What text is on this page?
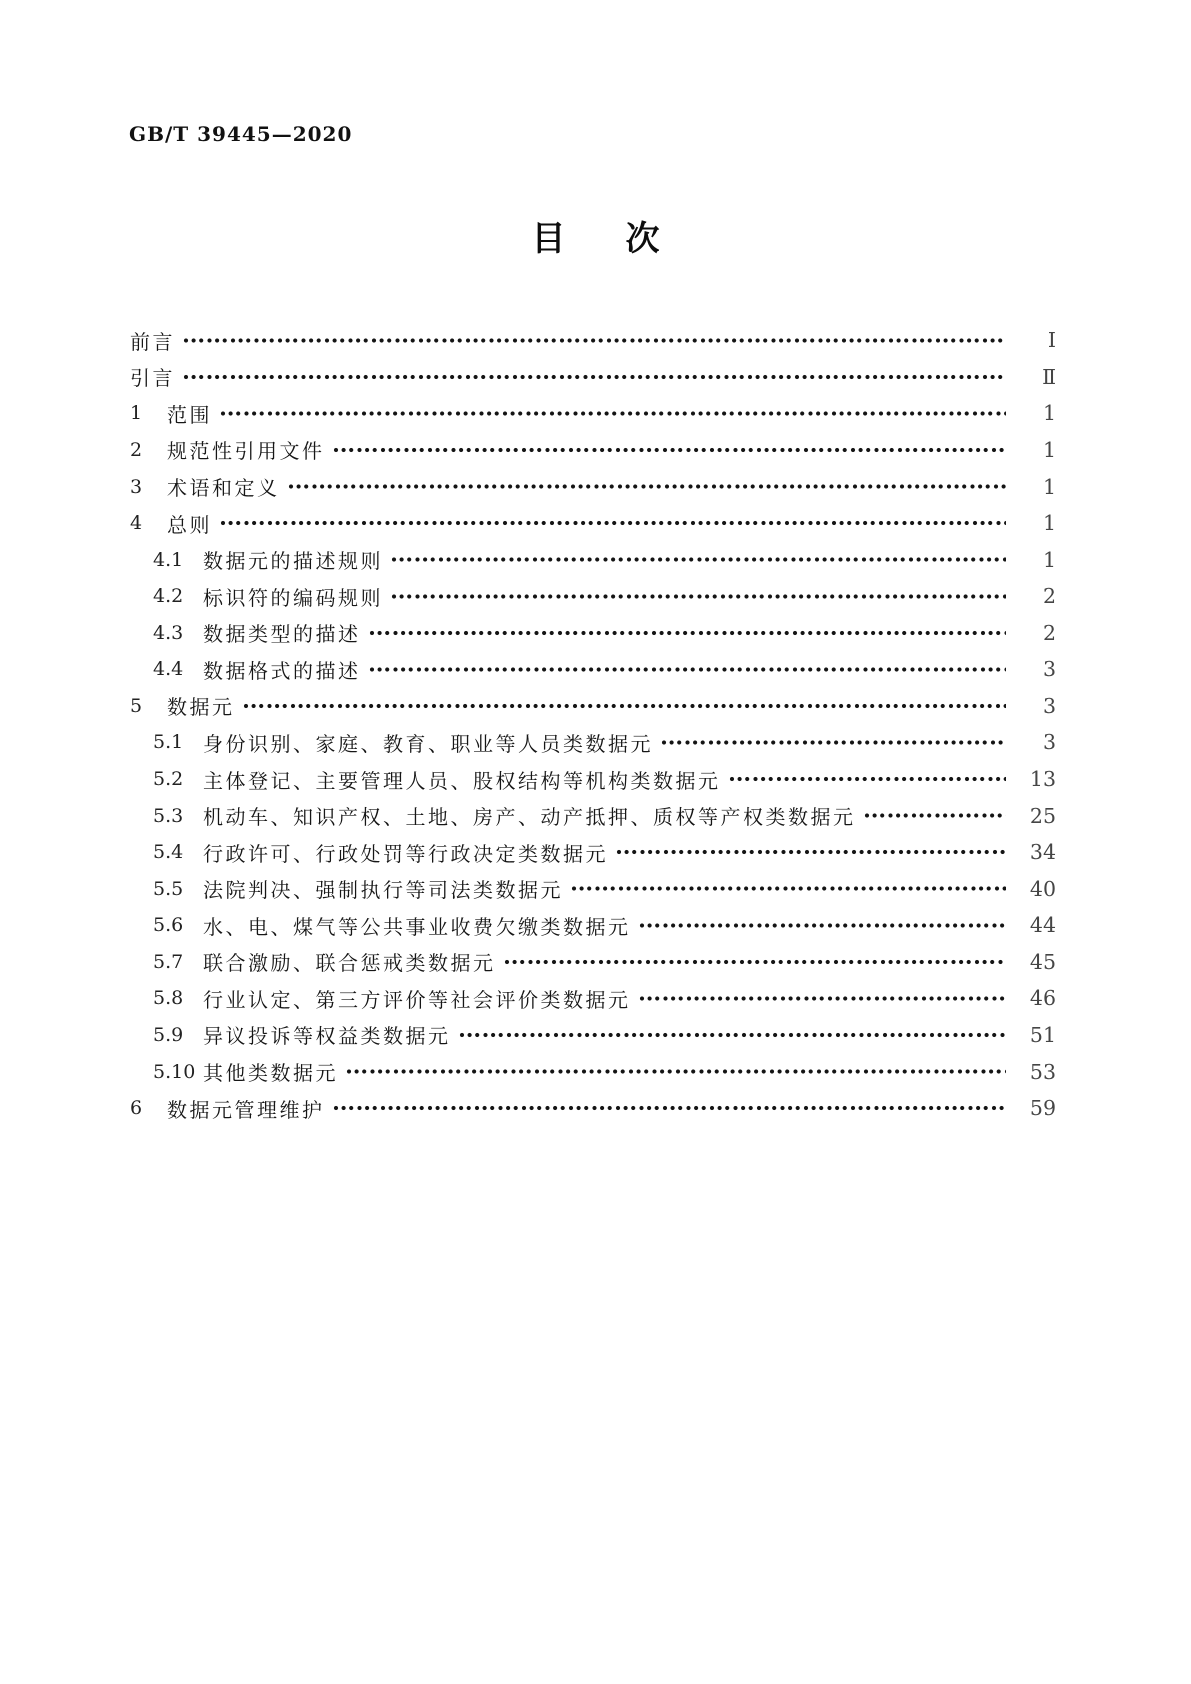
GB/T 39445—2020
目　次
前言	Ⅰ
引言	Ⅱ
1	范围	1
2	规范性引用文件	1
3	术语和定义	1
4	总则	1
4.1 数据元的描述规则	1
4.2 标识符的编码规则	2
4.3 数据类型的描述	2
4.4 数据格式的描述	3
5	数据元	3
5.1 身份识别、家庭、教育、职业等人员类数据元	3
5.2 主体登记、主要管理人员、股权结构等机构类数据元	13
5.3 机动车、知识产权、土地、房产、动产抵押、质权等产权类数据元	25
5.4 行政许可、行政处罚等行政决定类数据元	34
5.5 法院判决、强制执行等司法类数据元	40
5.6 水、电、煤气等公共事业收费欠缴类数据元	44
5.7 联合激励、联合惩戒类数据元	45
5.8 行业认定、第三方评价等社会评价类数据元	46
5.9 异议投诉等权益类数据元	51
5.10 其他类数据元	53
6	数据元管理维护	59
